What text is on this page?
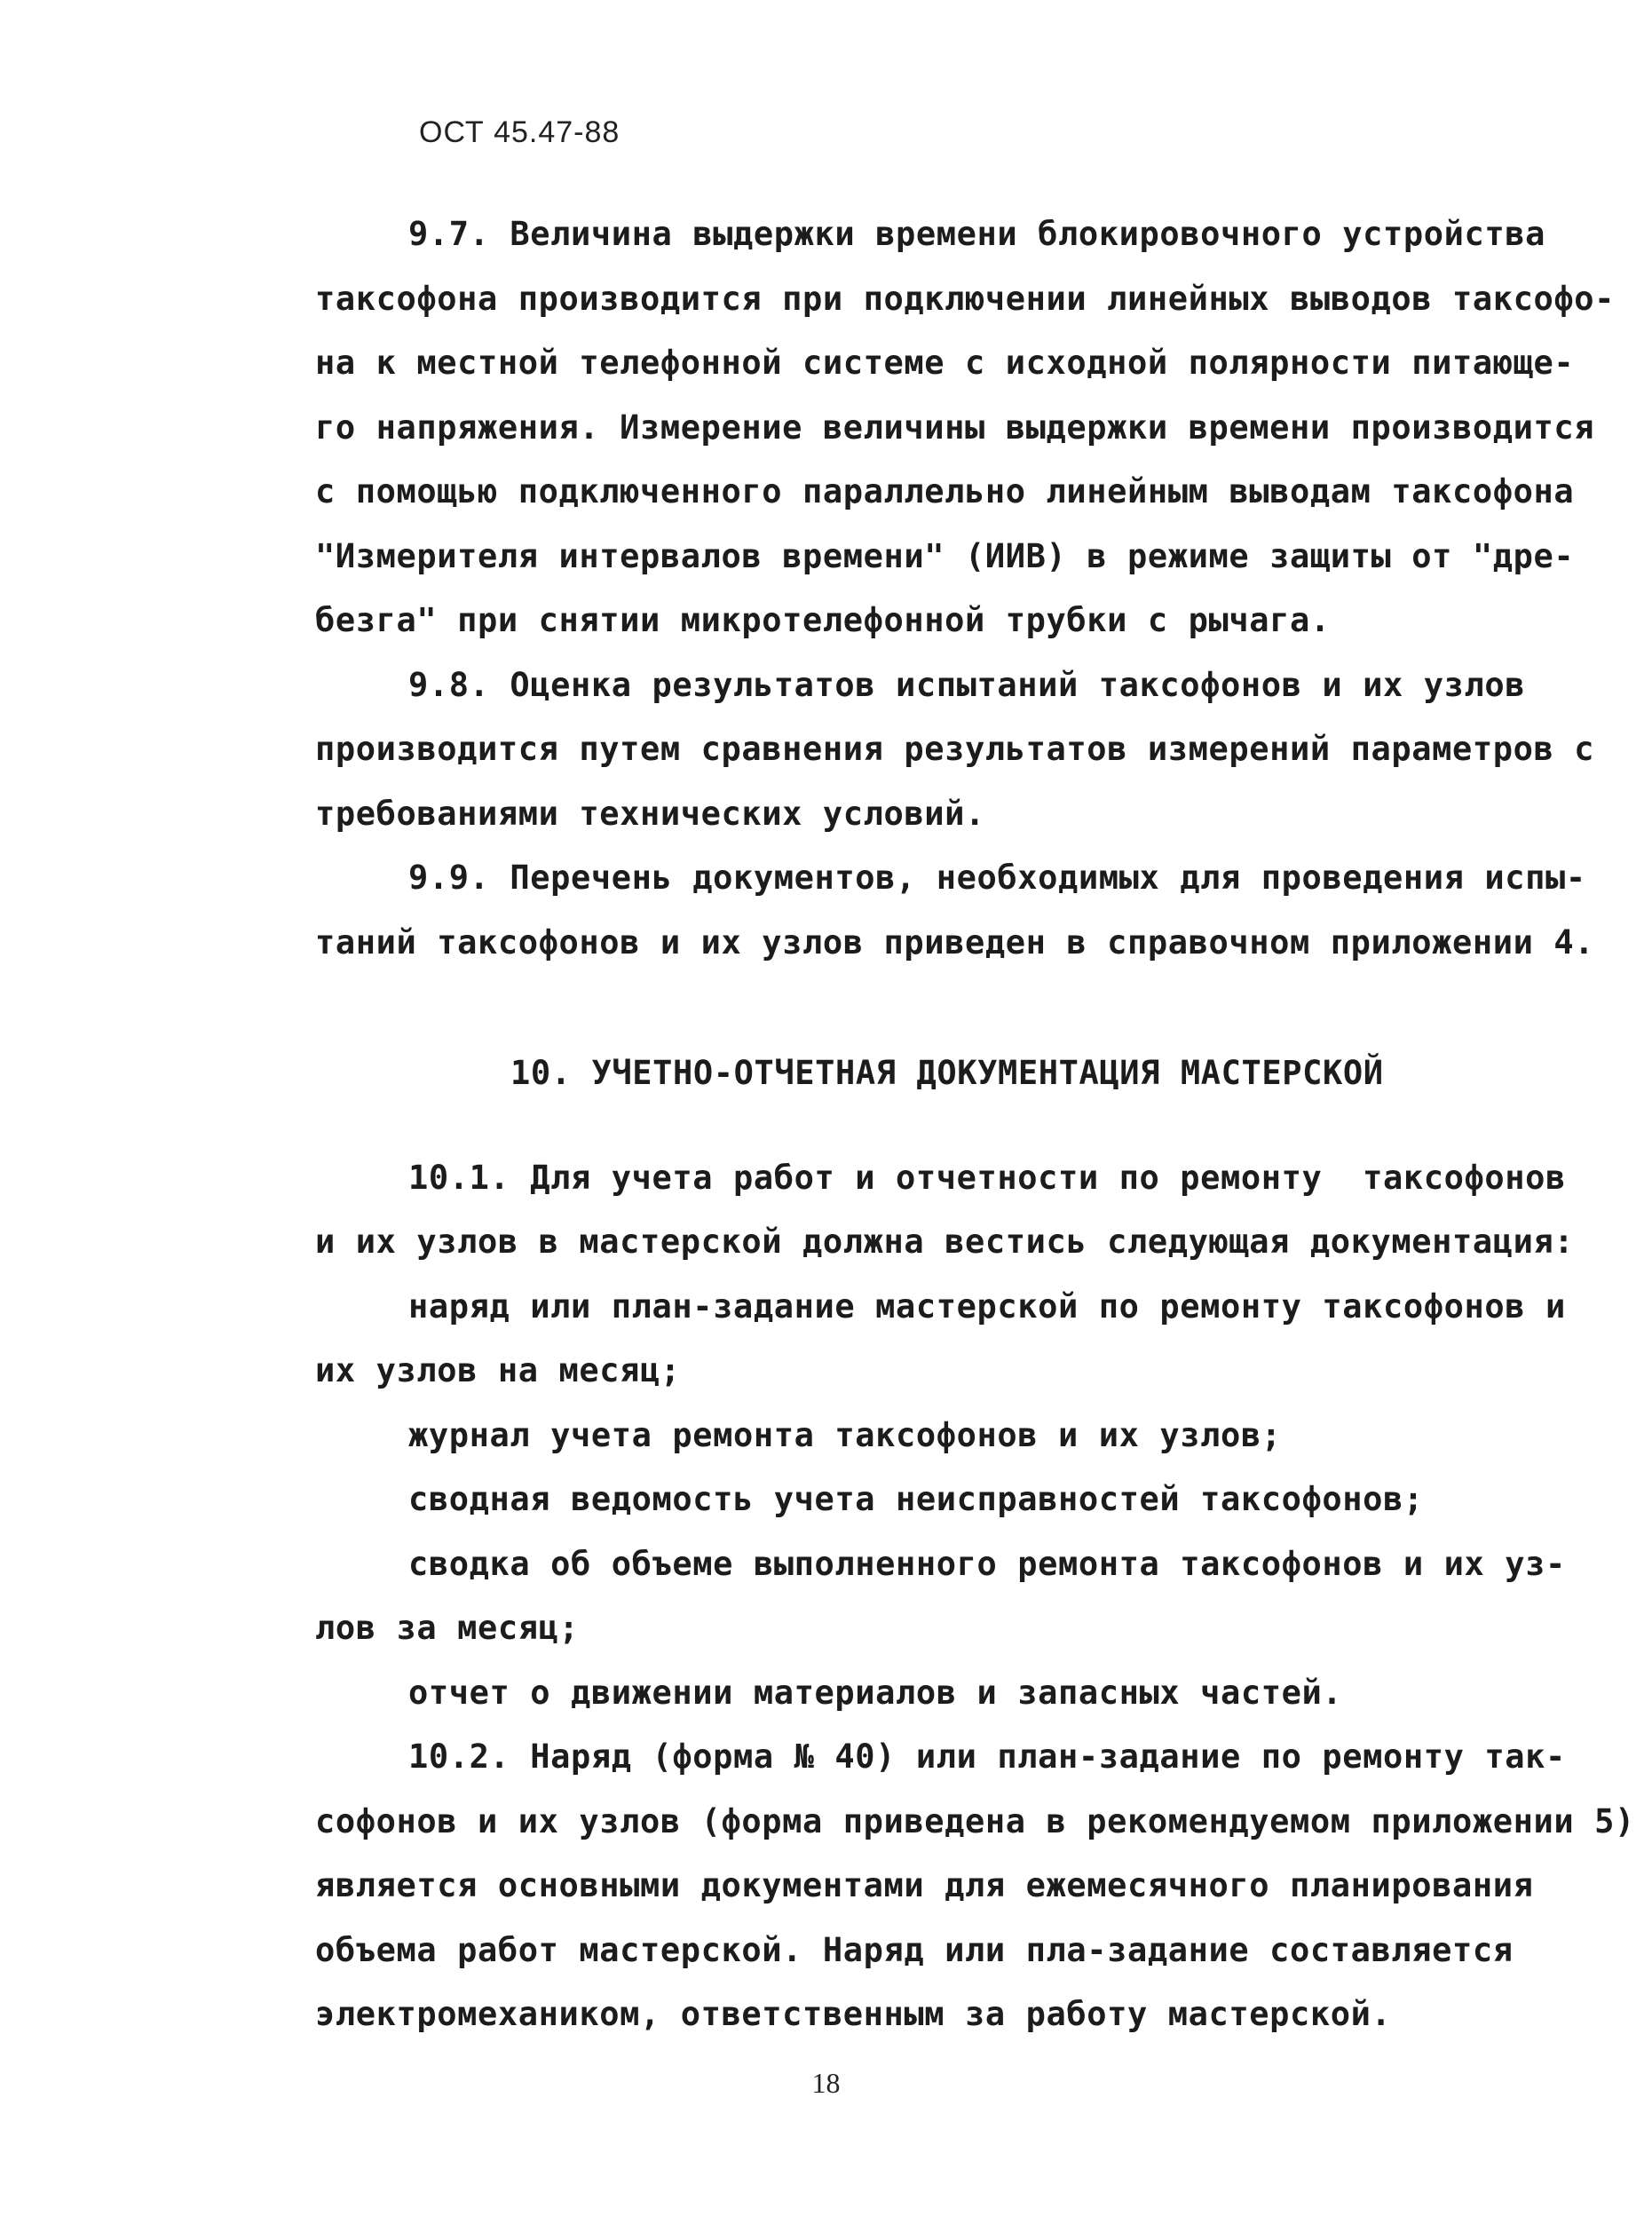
ОСТ 45.47-88
9.7. Величина выдержки времени блокировочного устройства
таксофона производится при подключении линейных выводов таксофо-
на к местной телефонной системе с исходной полярности питающе-
го напряжения. Измерение величины выдержки времени производится
с помощью подключенного параллельно линейным выводам таксофона
"Измерителя интервалов времени" (ИИВ) в режиме защиты от "дре-
безга" при снятии микротелефонной трубки с рычага.
9.8. Оценка результатов испытаний таксофонов и их узлов
производится путем сравнения результатов измерений параметров с
требованиями технических условий.
9.9. Перечень документов, необходимых для проведения испы-
таний таксофонов и их узлов приведен в справочном приложении 4.
10. УЧЕТНО-ОТЧЕТНАЯ ДОКУМЕНТАЦИЯ МАСТЕРСКОЙ
10.1. Для учета работ и отчетности по ремонту  таксофонов
и их узлов в мастерской должна вестись следующая документация:
наряд или план-задание мастерской по ремонту таксофонов и
их узлов на месяц;
журнал учета ремонта таксофонов и их узлов;
сводная ведомость учета неисправностей таксофонов;
сводка об объеме выполненного ремонта таксофонов и их уз-
лов за месяц;
отчет о движении материалов и запасных частей.
10.2. Наряд (форма № 40) или план-задание по ремонту так-
софонов и их узлов (форма приведена в рекомендуемом приложении 5)
является основными документами для ежемесячного планирования
объема работ мастерской. Наряд или пла-задание составляется
электромехаником, ответственным за работу мастерской.
18
